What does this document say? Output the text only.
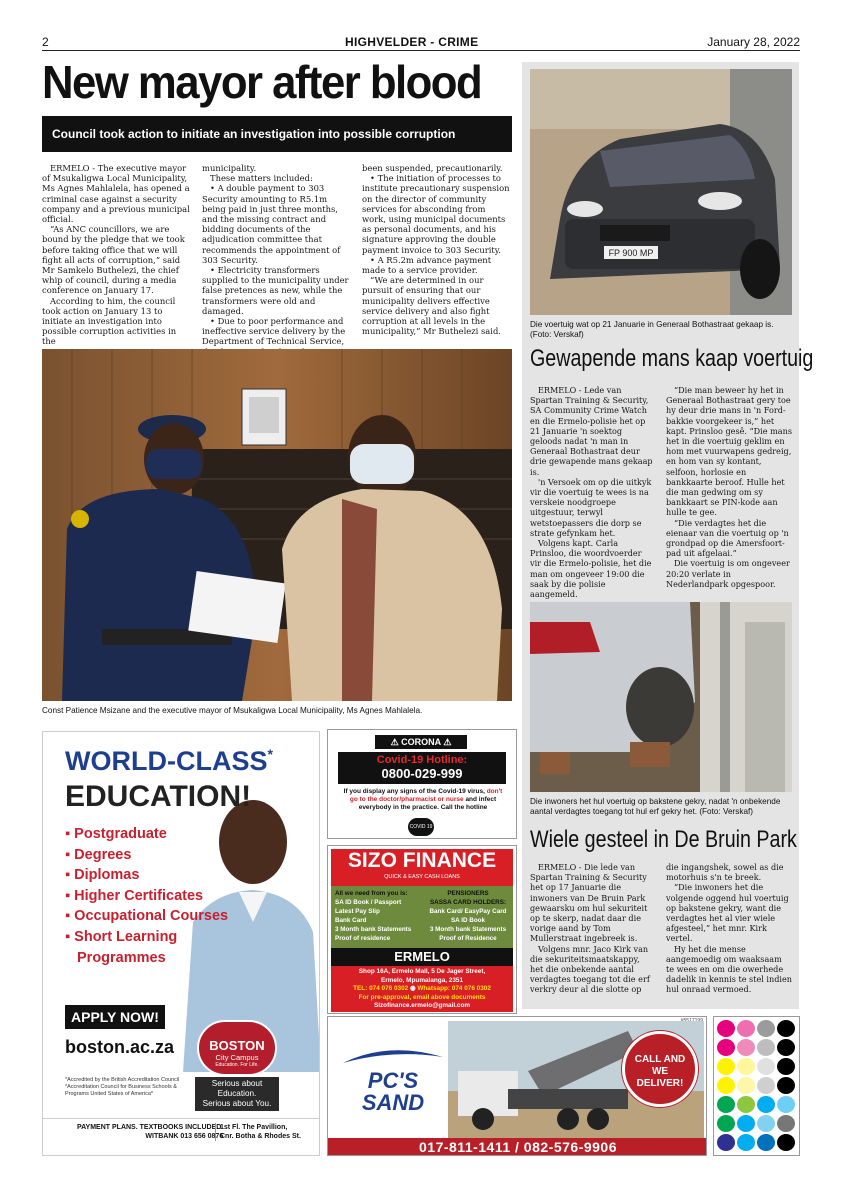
2	HIGHVELDER - CRIME	January 28, 2022
New mayor after blood
Council took action to initiate an investigation into possible corruption

ERMELO - The executive mayor of Msukaligwa Local Municipality, Ms Agnes Mahlalela, has opened a criminal case against a security company and a previous municipal official.

“As ANC councillors, we are bound by the pledge that we took before taking office that we will fight all acts of corruption,” said Mr Samkelo Buthelezi, the chief whip of council, during a media conference on January 17.

According to him, the council took action on January 13 to initiate an investigation into possible corruption activities in the

municipality.

These matters included:

• A double payment to 303 Security amounting to R5.1m being paid in just three months, and the missing contract and bidding documents of the adjudication committee that recommends the appointment of 303 Security.

• Electricity transformers supplied to the municipality under false pretences as new, while the transformers were old and damaged.

• Due to poor performance and ineffective service delivery by the Department of Technical Service,

been suspended, precautionarily.

• The initiation of processes to institute precautionary suspension on the director of community services for absconding from work, using municipal documents as personal documents, and his signature approving the double payment invoice to 303 Security.

• A R5.2m advance payment made to a service provider.

“We are determined in our pursuit of ensuring that our municipality delivers effective service delivery and also fight corruption at all levels in the municipality,” Mr Buthelezi said.

Const Patience Msizane and the executive mayor of Msukaligwa Local Municipality, Ms Agnes Mahlalela.
FP 900 MP
Die voertuig wat op 21 Januarie in Generaal Bothastraat gekaap is. (Foto: Verskaf)
Gewapende mans kaap voertuig

ERMELO - Lede van Spartan Training & Security, SA Community Crime Watch en die Ermelo-polisie het op 21 Januarie 'n soektog geloods nadat 'n man in Generaal Bothastraat deur drie gewapende mans gekaap is.

'n Versoek om op die uitkyk vir die voertuig te wees is na verskeie noodgroepe uitgestuur, terwyl wetstoepassers die dorp se strate gefynkam het.

Volgens kapt. Carla Prinsloo, die woordvoerder vir die Ermelo-polisie, het die man om ongeveer 19:00 die saak by die polisie aangemeld.

“Die man beweer hy het in Generaal Bothastraat gery toe hy deur drie mans in 'n Ford-bakkie voorgekeer is,” het kapt. Prinsloo gesê. “Die mans het in die voertuig geklim en hom met vuurwapens gedreig, en hom van sy kontant, selfoon, horlosie en bankkaarte beroof. Hulle het die man gedwing om sy bankkaart se PIN-kode aan hulle te gee.

“Die verdagtes het die eienaar van die voertuig op 'n grondpad op die Amersfoort-pad uit afgelaai.”

Die voertuig is om ongeveer 20:20 verlate in Nederlandpark opgespoor.

Die inwoners het hul voertuig op bakstene gekry, nadat 'n onbekende aantal verdagtes toegang tot hul erf gekry het. (Foto: Verskaf)
Wiele gesteel in De Bruin Park

ERMELO - Die lede van Spartan Training & Security het op 17 Januarie die inwoners van De Bruin Park gewaarsku om hul sekuriteit op te skerp, nadat daar die vorige aand by Tom Mullerstraat ingebreek is.

Volgens mnr. Jaco Kirk van die sekuriteitsmaatskappy, het die onbekende aantal verdagtes toegang tot die erf verkry deur al die slotte op

die ingangshek, sowel as die motorhuis s'n te breek.

“Die inwoners het die volgende oggend hul voertuig op bakstene gekry, want die verdagtes het al vier wiele afgesteel,” het mnr. Kirk vertel.

Hy het die mense aangemoedig om waaksaam te wees en om die owerhede dadelik in kennis te stel indien hul onraad vermoed.

WORLD-CLASS*
EDUCATION!
▪ Postgraduate
▪ Degrees
▪ Diplomas
▪ Higher Certificates
▪ Occupational Courses
▪ Short Learning
Programmes
APPLY NOW!
boston.ac.za	BOSTON
City Campus
Education. For Life.
Serious about Education.
Serious about You.
*Accredited by the British Accreditation Council
*Accreditation Council for Business Schools & Programs United States of America*
PAYMENT PLANS. TEXTBOOKS INCLUDED.
WITBANK 013 656 0876
1st Fl. The Pavillion,
Cnr. Botha & Rhodes St.
⚠ CORONA ⚠
Covid-19 Hotline:
0800-029-999
If you display any signs of the Covid-19 virus, don't go to the doctor/pharmacist or nurse and infect everybody in the practice. Call the hotline
COVID 19
SIZO FINANCE
QUICK & EASY CASH LOANS
All we need from you is:
SA ID Book / Passport
Latest Pay Slip
Bank Card
3 Month bank Statements
Proof of residence
PENSIONERS
SASSA CARD HOLDERS:
Bank Card/ EasyPay Card
SA ID Book
3 Month bank Statements
Proof of Residence
ERMELO
Shop 16A, Ermelo Mall, 5 De Jager Street,
Ermelo, Mpumalanga, 2351
TEL: 074 076 0302 ◉ Whatsapp: 074 076 0302
For pre-approval, email above documents
Sizofinance.ermelo@gmail.com
PC'S
SAND
CALL AND
WE
DELIVER!
017-811-1411 / 082-576-9906
